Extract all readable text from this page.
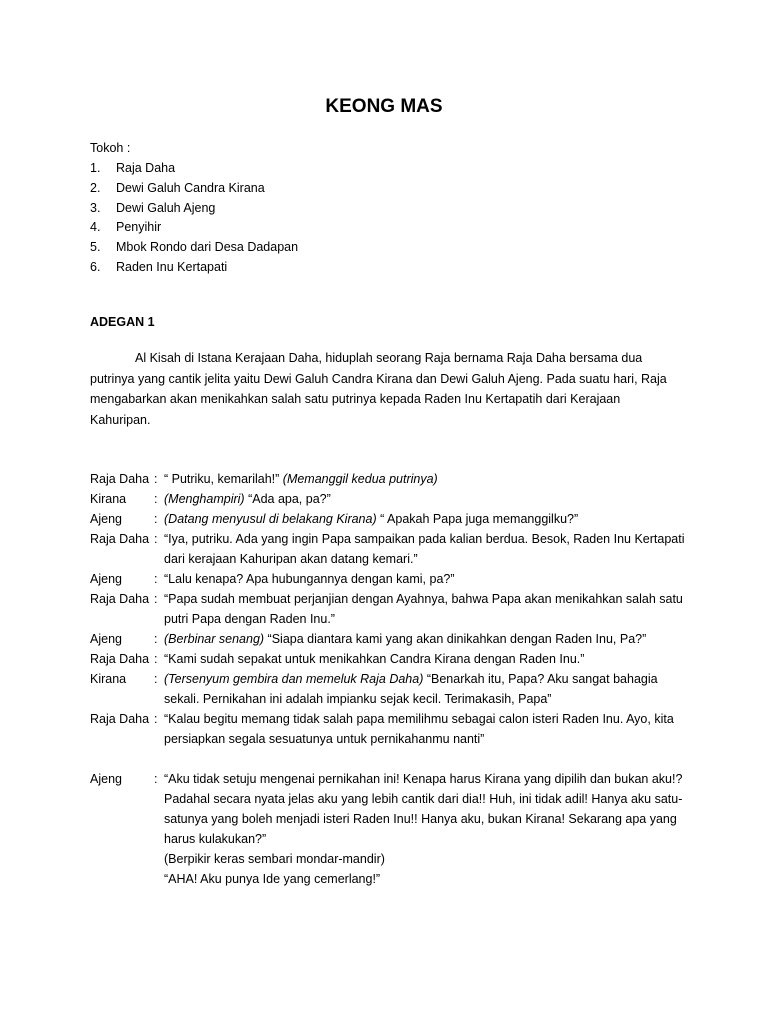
KEONG MAS
Tokoh :
1.	Raja Daha
2.	Dewi Galuh Candra Kirana
3.	Dewi Galuh Ajeng
4.	Penyihir
5.	Mbok Rondo dari Desa Dadapan
6.	Raden Inu Kertapati
ADEGAN 1
Al Kisah di Istana Kerajaan Daha, hiduplah seorang Raja bernama Raja Daha bersama dua putrinya yang cantik jelita yaitu Dewi Galuh Candra Kirana dan Dewi Galuh Ajeng. Pada suatu hari, Raja mengabarkan akan menikahkan salah satu putrinya kepada Raden Inu Kertapatih dari Kerajaan Kahuripan.
Raja Daha : “ Putriku, kemarilah!” (Memanggil kedua putrinya)
Kirana	: (Menghampiri) “Ada apa, pa?”
Ajeng	: (Datang menyusul di belakang Kirana) “ Apakah Papa juga memanggilku?”
Raja Daha : “Iya, putriku. Ada yang ingin Papa sampaikan pada kalian berdua. Besok, Raden Inu Kertapati dari kerajaan Kahuripan akan datang kemari.”
Ajeng	: “Lalu kenapa? Apa hubungannya dengan kami, pa?”
Raja Daha : “Papa sudah membuat perjanjian dengan Ayahnya, bahwa Papa akan menikahkan salah satu putri Papa dengan Raden Inu.”
Ajeng	: (Berbinar senang) “Siapa diantara kami yang akan dinikahkan dengan Raden Inu, Pa?”
Raja Daha : “Kami sudah sepakat untuk menikahkan Candra Kirana dengan Raden Inu.”
Kirana	: (Tersenyum gembira dan memeluk Raja Daha) “Benarkah itu, Papa? Aku sangat bahagia sekali. Pernikahan ini adalah impianku sejak kecil. Terimakasih, Papa”
Raja Daha : “Kalau begitu memang tidak salah papa memilihmu sebagai calon isteri Raden Inu. Ayo, kita persiapkan segala sesuatunya untuk pernikahanmu nanti”
Ajeng	: “Aku tidak setuju mengenai pernikahan ini! Kenapa harus Kirana yang dipilih dan bukan aku!? Padahal secara nyata jelas aku yang lebih cantik dari dia!! Huh, ini tidak adil! Hanya aku satu-satunya yang boleh menjadi isteri Raden Inu!! Hanya aku, bukan Kirana! Sekarang apa yang harus kulakukan?”
(Berpikir keras sembari mondar-mandir)
“AHA! Aku punya Ide yang cemerlang!”
